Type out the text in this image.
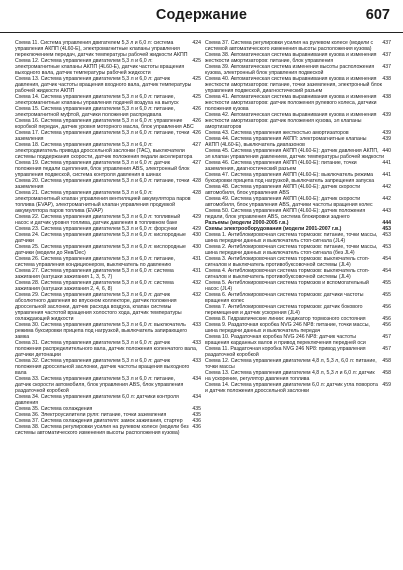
Содержание	607
424
Схема 11. Система управления двигателем 5,3 л и 6,0 л: система управления АКПП (4L60-E), электромагнитные клапаны управления переключением передач, датчик температуры рабочей жидкости АКПП
425
Схема 12. Система управления двигателем 5,3 л и 6,0 л: электромагнитные клапаны АКПП (4L60-E), датчик частоты вращения выходного вала, датчик температуры рабочей жидкости
425
Схема 13. Система управления двигателем 5,3 л и 6,0 л: датчик давления, датчик частоты вращения входного вала, датчик температуры рабочей жидкости АКПП
425
Схема 14. Система управления двигателем 5,3 л и 6,0 л: питание, электромагнитные клапаны управления подачей воздуха на выпуск
426
Схема 15. Система управления двигателем 5,3 л и 6,0 л: питание, электромагнитной муфтой, датчики положения распредвала
426
Схема 16. Система управления двигателем 5,3 л и 6,0 л: управление коробкой передач, датчик уровня моторного масла, блок управления АБС
426
Схема 17. Система управления двигателем 5,3 л и 6,0 л: питание, точки заземления
427
Схема 18. Система управления двигателем 5,3 л и 6,0 л: электродвигатель привода дроссельной заслонки (TAC), выключатели системы поддержания скорости, датчик положения педали акселератора
427
Схема 19. Система управления двигателем 5,3 л и 6,0 л: датчик положения педали сцепления, блок управления ABS, электронный блок управления подвеской, система контроля давления в шинах
428
Схема 20. Система управления двигателем 5,3 л и 6,0 л: питание, точки заземления
428
Схема 21. Система управления двигателем 5,3 л и 6,0 л: электромагнитный клапан управления вентиляцией аккумулятора паров топлива (EVAP), электромагнитный клапан управления продувкой аккумулятора паров топлива (EVAP)
429
Схема 22. Система управления двигателем 5,3 л и 6,0 л: топливный насос и датчик уровня топлива, датчик давления в топливном баке
429
Схема 23. Система управления двигателем 5,3 л и 6,0 л: форсунки
430
Схема 24. Система управления двигателем 5,3 л и 6,0 л: кислородные датчики
430
Схема 25. Система управления двигателем 5,3 л и 6,0 л: кислородные датчики (модели до Янв/Dec)
431
Схема 26. Система управления двигателем 5,3 л и 6,0 л: питание, система управления кондиционером, выключатель по давлению
431
Схема 27. Система управления двигателем 5,3 л и 6,0 л: система зажигания (катушки зажигания 1, 3, 5, 7)
432
Схема 28. Система управления двигателем 5,3 л и 6,0 л: система зажигания (катушки зажигания 2, 4, 6, 8)
432
Схема 29. Система управления двигателем 5,3 л и 6,0 л: датчик абсолютного давления во впускном коллекторе, датчик положения дроссельной заслонки, датчик расхода воздуха, клапан системы управления частотой вращения холостого хода, датчик температуры охлаждающей жидкости
433
Схема 30. Система управления двигателем 5,3 л и 6,0 л: выключатель режима буксировки прицепа под нагрузкой, выключатель запирающего замка
433
Схема 31. Система управления двигателем 5,3 л и 6,0 л: датчик положения распределительного вала, датчик положения коленчатого вала, датчики детонации
433
Схема 32. Система управления двигателем 5,3 л и 6,0 л: датчик положения дроссельной заслонки, датчик частоты вращения выходного вала
434
Схема 33. Система управления двигателем 5,3 л и 6,0 л: питание, датчик скорости автомобиля, блок управления ABS, блок управления раздаточной коробкой
434
Схема 34. Система управления двигателем 6,0 л: датчики контроля давления
435
Схема 35. Система охлаждения
435
Схема 36. Электроусилители руля: питание, точки заземления
436
Схема 37. Система охлаждения двигателя: замок зажигания, стартер
436
Схема 38. Система регулировки усилия на рулевом колесе (модели без системы автоматического изменения высоты расположения кузова)
437
Схема 37. Система регулировки усилия на рулевом колесе (модели с системой автоматического изменения высоты расположения кузова)
437
Схема 38. Автоматическая система выравнивания кузова и изменения жесткости амортизаторов: питание, блок управления
437
Схема 39. Автоматическая система изменения высоты расположения кузова, электронный блок управления подвеской
438
Схема 40. Автоматическая система выравнивания кузова и изменения жесткости амортизаторов: питание, точки заземления, электронный блок управления подвеской, диагностический разъем
438
Схема 41. Автоматическая система выравнивания кузова и изменения жесткости амортизаторов: датчик положения рулевого колеса, датчики положения кузова
439
Схема 42. Автоматическая система выравнивания кузова и изменения жесткости амортизаторов: датчик положения кузова, эл клапаны амортизаторов
439
Схема 43. Система управления жесткостью амортизаторов
439
Схема 44. Система управления АКПП: электромагнитные клапаны АКПП (4L60-E), выключатель диапазонов
440
Схема 45. Система управления АКПП (4L60-E): датчик давления АКПП, эл клапан управления давлением, датчик температуры рабочей жидкости
441
Схема 46. Система управления АКПП (4L60-E): питание, точки заземления, диагностический разъем
441
Схема 47. Система управления АКПП (4L60-E): выключатель режима буксировки прицепа под нагрузкой, выключатель запрещения запуска
442
Схема 48. Система управления АКПП (4L60-E): датчик скорости автомобиля, блок управления ABS
442
Схема 49. Система управления АКПП (4L60-E): датчик скорости автомобиля, блок управления ABS, датчики частоты вращения колес
443
Схема 50. Система управления АКПП (4L60-E): датчик положения педали, блок управления ABS, система блокировки заднего
444
Разъемы (модели 2000-2005 г.в.)
453
Схемы электрооборудования (модели 2001-2007 г.в.)
453
Схема 1. Антиблокировочная система тормозов: питание, точки массы, шина передачи данных и выключатель стоп-сигнала (JL4)
453
Схема 2. Антиблокировочная система тормозов: питание, точки массы, шина передачи данных и выключатель стоп-сигнала (без JL4)
454
Схема 3. Антиблокировочная система тормозов: выключатель стоп-сигналов и выключатель противобуксовочной системы (JL4)
454
Схема 4. Антиблокировочная система тормозов: выключатель стоп-сигналов и выключатель противобуксовочной системы (JL4)
455
Схема 5. Антиблокировочная система тормозов и вспомогательный насос (JL4)
455
Схема 6. Антиблокировочная система тормозов: датчики частоты вращения колес
456
Схема 7. Антиблокировочная система тормозов: датчик бокового перемещения и датчик ускорения (JL4)
456
Схема 8. Гидравлические линии: индикатор тормозного состояния
456
Схема 9. Раздаточная коробка NVG 246 NP8: питание, точки массы, шина передачи данных и выключатель передач
457
Схема 10. Раздаточная коробка NVG 246 NP8: датчик частоты вращения карданных валов и привод переключения передней оси
457
Схема 11. Раздаточная коробка NVG 246 NP8: привод управления раздаточной коробкой
458
Схема 12. Система управления двигателем 4,8 л, 5,3 л, 6,0 л: питание, точки массы
458
Схема 13. Система управления двигателем 4,8 л, 5,3 л и 6,0 л: датчик на ускорение, регулятор давления топлива
459
Схема 14. Система управления двигателем 6,0 л: датчик угла поворота и датчик положения дроссельной заслонки
